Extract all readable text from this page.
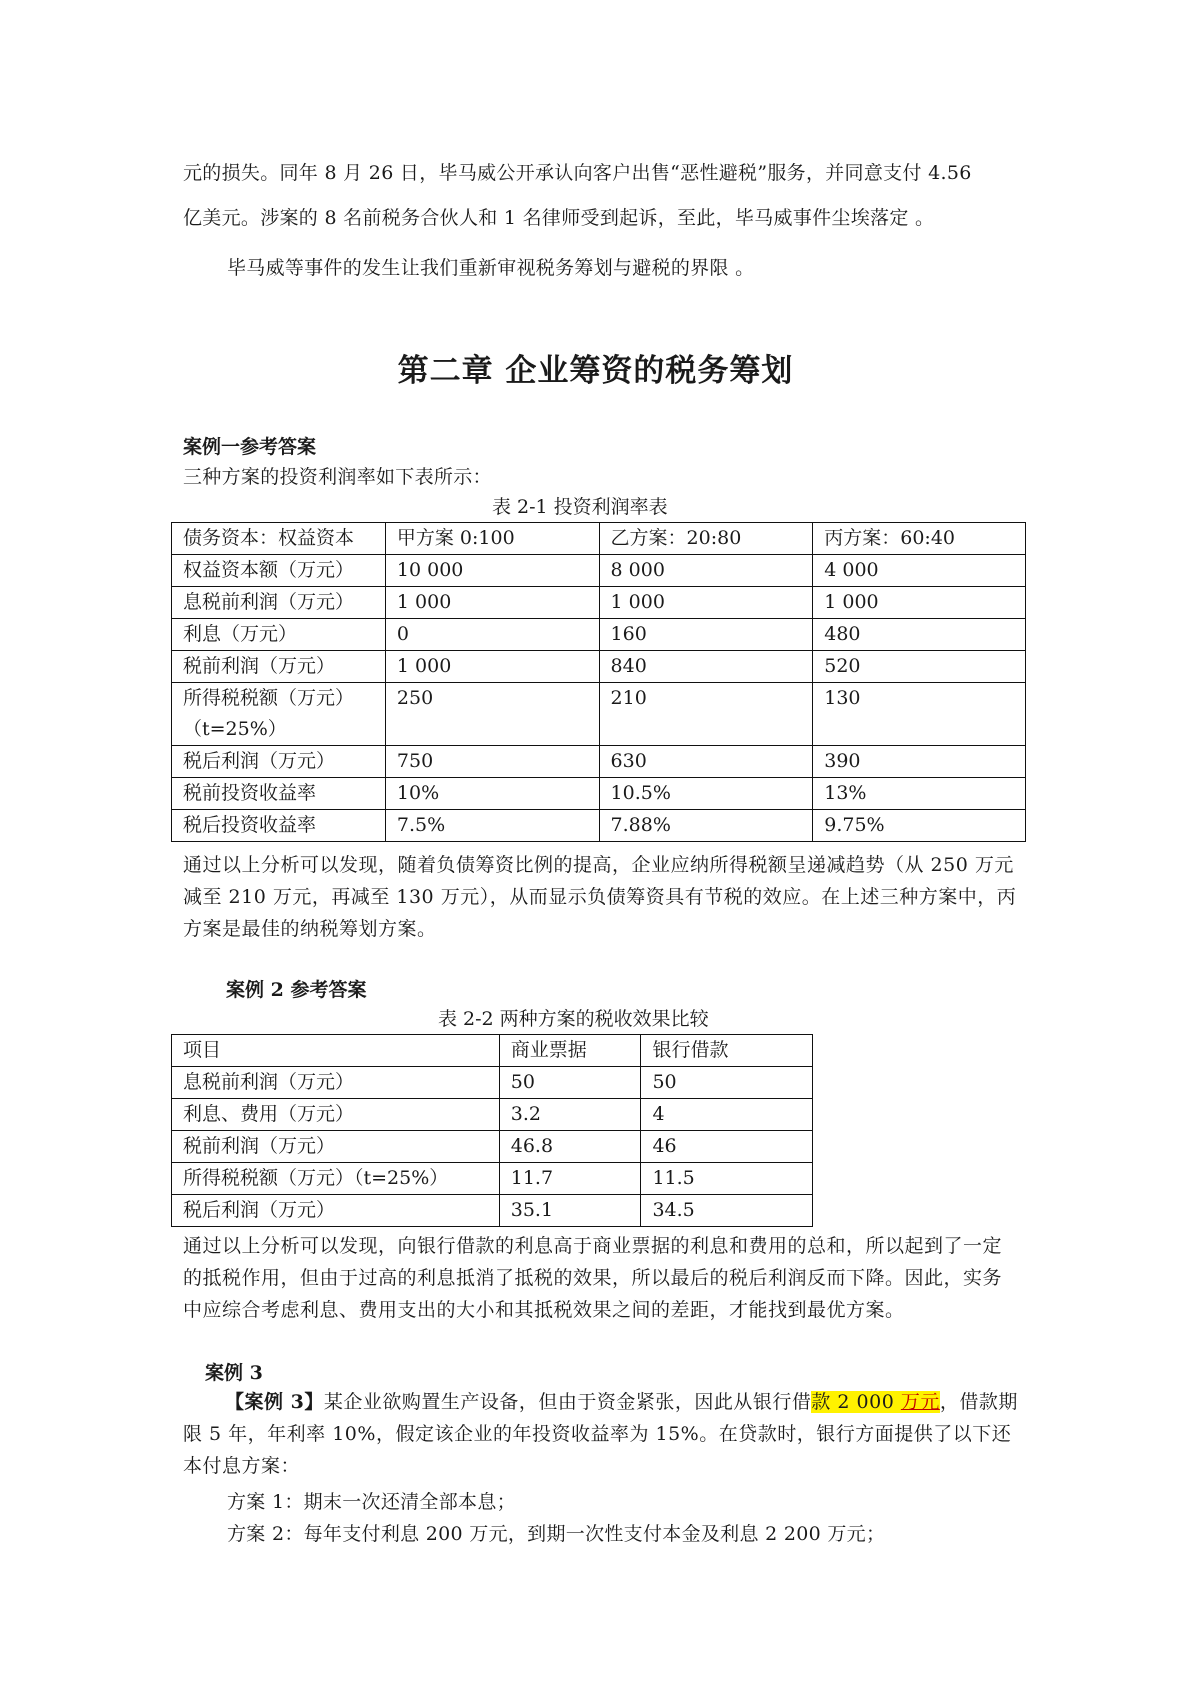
元的损失。同年 8 月 26 日，毕马威公开承认向客户出售“恶性避税”服务，并同意支付 4.56
亿美元。涉案的 8 名前税务合伙人和 1 名律师受到起诉，至此，毕马威事件尘埃落定 。
毕马威等事件的发生让我们重新审视税务筹划与避税的界限 。
第二章 企业筹资的税务筹划
案例一参考答案
三种方案的投资利润率如下表所示：
表 2-1 投资利润率表
债务资本：权益资本	甲方案 0:100	乙方案：20:80	丙方案：60:40
权益资本额（万元）	10 000	8 000	4 000
息税前利润（万元）	1 000	1 000	1 000
利息（万元）	0	160	480
税前利润（万元）	1 000	840	520
所得税税额（万元）（t=25%）	250	210	130
税后利润（万元）	750	630	390
税前投资收益率	10%	10.5%	13%
税后投资收益率	7.5%	7.88%	9.75%
通过以上分析可以发现，随着负债筹资比例的提高，企业应纳所得税额呈递减趋势（从 250 万元减至 210 万元，再减至 130 万元），从而显示负债筹资具有节税的效应。在上述三种方案中，丙方案是最佳的纳税筹划方案。
案例 2 参考答案
表 2-2 两种方案的税收效果比较
项目	商业票据	银行借款
息税前利润（万元）	50	50
利息、费用（万元）	3.2	4
税前利润（万元）	46.8	46
所得税税额（万元）（t=25%）	11.7	11.5
税后利润（万元）	35.1	34.5
通过以上分析可以发现，向银行借款的利息高于商业票据的利息和费用的总和，所以起到了一定的抵税作用，但由于过高的利息抵消了抵税的效果，所以最后的税后利润反而下降。因此，实务中应综合考虑利息、费用支出的大小和其抵税效果之间的差距，才能找到最优方案。
案例 3
【案例 3】某企业欲购置生产设备，但由于资金紧张，因此从银行借款 2 000 万元，借款期限 5 年，年利率 10%，假定该企业的年投资收益率为 15%。在贷款时，银行方面提供了以下还本付息方案：
方案 1：期末一次还清全部本息；
方案 2：每年支付利息 200 万元，到期一次性支付本金及利息 2 200 万元；
